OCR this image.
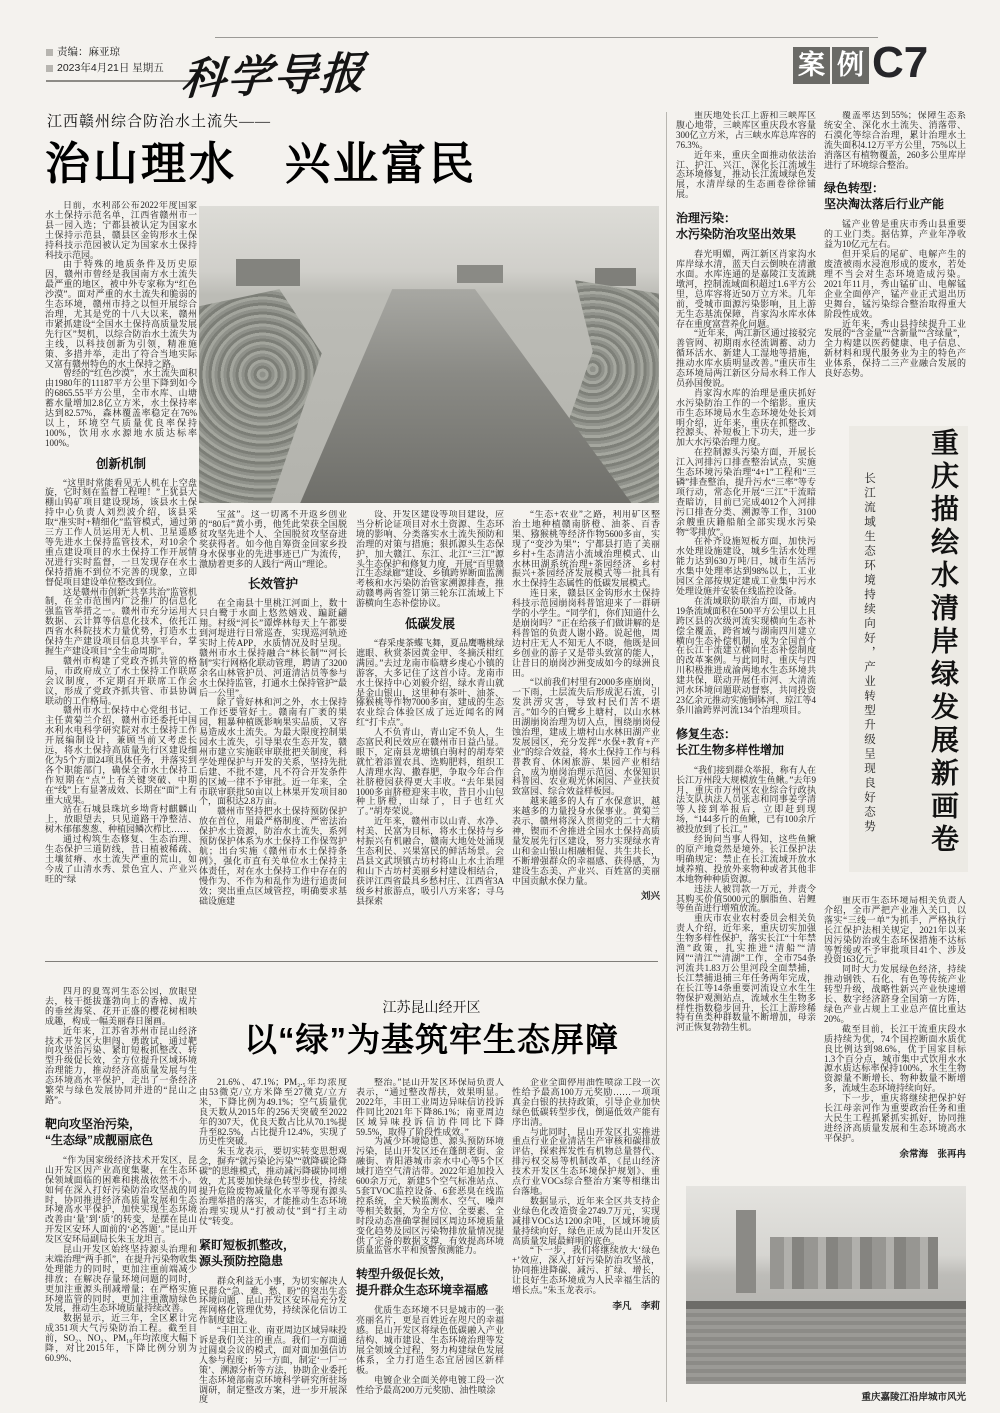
责编：麻亚琼
2023年4月21日 星期五 科学导报	案 例 C7
江西赣州综合防治水土流失——
治山理水　兴业富民

日前，水利部公布2022年度国家水土保持示范名单，江西省赣州市一县一园入选；宁都县被认定为国家水土保持示范县，赣县区金钩形水土保持科技示范园被认定为国家水土保持科技示范园。

由于特殊的地质条件及历史原因，赣州市曾经是我国南方水土流失最严重的地区，被中外专家称为“红色沙漠”。面对严重的水土流失和脆弱的生态环境，赣州市持之以恒开展综合治理，尤其是党的十八大以来，赣州市紧抓建设“全国水土保持高质量发展先行区”契机，以综合防治水土流失为主线，以科技创新为引领，精准施策、多措并举，走出了符合当地实际又富有赣州特色的水土保持之路。

曾经的“红色沙漠”，水土流失面积由1980年的11187平方公里下降到如今的6865.55平方公里，全市水库、山塘蓄水量增加2.8亿立方米，水土保持率达到82.57%，森林覆盖率稳定在76%以上，环境空气质量优良率保持100%，饮用水水源地水质达标率100%。

创新机制

“这里时常能看见无人机在上空盘旋，它时刻在监督工程哩！”上犹县大棚山钨矿项目建设现场，该县水土保持中心负责人刘烈波介绍，该县采取“准实时+精细化”监管模式，通过第三方工作人员运用无人机、卫星遥感等先进水土保持监管技术，对10余个重点建设项目的水土保持工作开展情况进行实时监督，一旦发现存在水土保持措施不到位不完善的现象，立即督促项目建设单位整改到位。

这是赣州市创新“共享共治”监管机制，在全市范围内广泛推广的信息化强监管举措之一。赣州市充分运用大数据、云计算等信息化技术，依托江西省水科院技术力量优势，打造水土保持生产建设项目信息共享平台，掌握生产建设项目“全生命周期”。

赣州市构建了党政齐抓共管的格局，市政府成立了水土保持工作联席会议制度，不定期召开联席工作会议，形成了党政齐抓共管、市县协调联动的工作格局。

赣州市水土保持中心党组书记、主任黄菊兰介绍，赣州市还委托中国水利水电科学研究院对水土保持工作开展编制设计，兼顾当前又考虑长远，将水土保持高质量先行区建设细化为5个方面24项具体任务，并落实到各个职能部门，确保全市水土保持工作短期在“点”上有关键突破、中期在“线”上有显著成效、长期在“面”上有重大成果。

站在石城县珠坑乡坳背村麒麟山上，放眼望去，只见道路干净整洁、树木郁郁葱葱、种植园鳞次栉比……

通过构筑生态修复、生态治理、生态保护三道防线，昔日植被稀疏、土壤贫瘠、水土流失严重的荒山，如今成了山清水秀、景色宜人、产业兴旺的“绿

宝盆”。这一切离不开返乡创业的“80后”黄小勇，他凭此荣获全国脱贫攻坚先进个人、全国脱贫攻坚奋进奖获得者。如今他自筹资金回家乡投身水保事业的先进事迹已广为流传，激励着更多的人践行“两山”理论。

长效管护

在全南县十里桃江河面上，数十只白鹭于水面上悠然嬉戏、蹁跹翩翔。村级“河长”谭烨林每天上午都要到河堤进行日常巡查，实现巡河轨迹实时上传APP，水质情况及时呈现。赣州市水土保持融合“林长制”“河长制”实行网格化联动管理，聘请了3200余名山林管护员、河道清洁员等参与水土保持监管，打通水土保持管护“最后一公里”。

除了管好林和河之外，水土保持工作还要管好土。赣南有广袤的果园，粗暴种植既影响果实品质，又容易造成水土流失。为最大限度控制果园水土流失，引导果农生态开发，赣州市建立实施联审联批把关制度，科学处理保护与开发的关系，坚持先批后建、不批不建，凡不符合开发条件的区域一律不予审批。近一年来，全市联审联批50亩以上林果开发项目80个，面积达2.8万亩。

赣州市坚持把水土保持预防保护放在首位，用最严格制度、严密法治保护水土资源，防治水土流失，系列预防保护体系为水土保持工作保驾护航；出台实施《赣州市水土保持条例》，强化市直有关单位水土保持主体责任，对在水土保持工作中存在的慢作为、不作为和乱作为进行追责问效；突出重点区域管控，明确要求基础设施建

设、开发区建设等项目建设，应当分析论证项目对水土资源、生态环境的影响、分类落实水土流失预防和治理的对策与措施；狠抓源头生态保护，加大赣江、东江、北江“三江”源头生态保护和修复力度，开展“百里赣江生态绿廊”建设、乡镇跨界断面监测考核和水污染防治管家溯源排查，推动赣粤两省签订第三轮东江流域上下游横向生态补偿协议。

低碳发展

“春采虔茶蝶飞舞，夏品鹰嘴桃绿遮眼、秋赏茶园黄金甲、冬摘沃柑红满园。”去过龙南市临塘乡虔心小镇的游客，大多记住了这首小诗。龙南市水土保持中心刘毅介绍，绿水青山就是金山银山，这里种有茶叶、油茶、猕猴桃等作物7000多亩，建成的生态农业综合体验区成了远近闻名的网红“打卡点”。

人不负青山，青山定不负人，生态富民利民效应在赣州市日益凸显。眼下，定南县龙塘镇白驹村的胡寿荣就忙着添置农具、选购肥料，组织工人清理水沟、撒春肥，争取今年合作社脐橙园获得更大丰收。“去年果园1000多亩脐橙迎来丰收，昔日小山包种上脐橙，山绿了，日子也红火了。”胡寿荣说。

近年来，赣州市以山青、水净、村美、民富为目标，将水土保持与乡村振兴有机融合，赣南大地处处涌现生态利民、兴果富民的鲜活场景。会昌县文武坝镇古坊村将山上水土治理和山下古坊村美丽乡村建设相结合，获评江西省最具乡愁村庄、江西省3A级乡村旅游点，吸引八方来客；寻乌县探索

“生态+农业”之路，利用矿区整治土地种植赣南脐橙、油茶、百香果、猕猴桃等经济作物5600多亩，实现了“变沙为果”；宁都县打造了美丽乡村+生态清洁小流域治理模式、山水林田湖系统治理+茶园经济、乡村振兴+茶园经济发展模式等一批具有水土保持生态属性的低碳发展模式。

连日来，赣县区金钩形水土保持科技示范园崩岗科普馆迎来了一群研学的小学生。“同学们，你们知道什么是崩岗吗？”正在给孩子们做讲解的是科普馆的负责人谢小路。说起他，周边村庄无人不知无人不晓，他既是回乡创业的游子又是带头致富的能人，让昔日的崩岗沙洲变成如今的绿洲良田。

“以前我们村里有2000多座崩岗，一下雨，土层流失后形成泥石流，引发洪涝灾害，导致村民们苦不堪言。”如今的白鹭乡上塘村，以山水林田湖崩岗治理为切入点，围绕崩岗侵蚀治理，建成上塘村山水林田湖产业发展园区，充分发挥“水保+教育+产业”的综合效益，将水土保持工作与科普教育、休闲旅游、果园产业相结合，成为崩岗治理示范园、水保知识科普园、农业观光休闲园、产业扶贫致富园、综合效益样板园。

越来越多的人有了水保意识，越来越多的力量投身水保事业。黄菊兰表示，赣州将深入贯彻党的二十大精神，锲而不舍推进全国水土保持高质量发展先行区建设，努力实现绿水青山和金山银山相融相促、共生共长，不断增强群众的幸福感、获得感，为建设生态美、产业兴、百姓富的美丽中国贡献水保力量。

刘兴

重庆地处长江上游和三峡库区腹心地带，三峡库区重庆段水容量300亿立方米，占三峡水库总库容的76.3%。

近年来，重庆全面推动依法治江、护江、兴江，深化长江流域生态环境修复，推动长江流域绿色发展，水清岸绿的生态画卷徐徐铺展。

治理污染：

水污染防治攻坚出效果

春光明媚，两江新区肖家沟水库岸绿水清，蓝天白云倒映在清澈水面。水库连通的是嘉陵江支流跳墩河，控制流域面积超过1.6平方公里，总库容将近50万立方米。几年前，受城市面源污染影响，且上游无生态基流保障，肖家沟水库水体存在重度富营养化问题。

“近年来，两江新区通过接驳完善管网、初期雨水径流调蓄、动力循环活水、新建人工湿地等措施，推动水库水质明显改善。”重庆市生态环境局两江新区分局水科工作人员孙国俊说。

肖家沟水库的治理是重庆抓好水污染防治工作的一个缩影。重庆市生态环境局水生态环境处处长刘明介绍，近年来，重庆在抓整改、控源头、补短板上下功夫，进一步加大水污染治理力度。

在控制源头污染方面，开展长江入河排污口排查整治试点，实施生态环境污染治理“4+1”工程和“三磷”排查整治，提升污水“三率”等专项行动，常态化开展“三江”干流暗查暗访，目前已完成4012个入河排污口排查分类、溯源等工作，3100余艘重庆籍船舶全部实现水污染物“零排放”。

在补齐设施短板方面，加快污水处理设施建设，城乡生活水处理能力达到630万吨/日，城市生活污水集中处理率达到98%以上，工业园区全部按规定建成工业集中污水处理设施并安装在线监控设备。

在流域联防联治方面，市域内19条流域面积在500平方公里以上且跨区县的次级河流实现横向生态补偿全覆盖，跨省域与湖南四川建立横向生态补偿机制，成为全国首个在长江干流建立横向生态补偿制度的改革案例。与此同时，重庆与四川积极推进成渝两地水生态环境共建共保，联动开展任市河、大清流河水环境问题联动督察，共同投资23亿余元推动实施铜钵河、琼江等4条川渝跨界河流134个治理项目。

修复生态：

长江生物多样性增加

“我们接到群众举报，称有人在长江万州段大规模放生鱼鳅。”去年9月，重庆市万州区农业综合行政执法支队执法人员张志和同事姜学清等人接到举报后，立即赶到现场，“144多斤的鱼鳅，已有100余斤被投放到了长江。”

经询问当事人得知，这些鱼鳅的原产地竟然是境外。长江保护法明确规定：禁止在长江流域开放水域养殖、投放外来物种或者其他非本地物种种质资源。

违法人被罚款一万元，并责令其购买价值5000元的胭脂鱼、岩鲤等鱼苗进行增殖放流。

重庆市农业农村委员会相关负责人介绍，近年来，重庆切实加强生物多样性保护，落实长江“十年禁渔”政策，扎实推进“清船”“清网”“清江”“清湖”工作，全市754条河流共1.83万公里河段全面禁捕，长江禁捕退捕三年任务两年完成，在长江等14条重要河流设立水生生物保护观测站点，流域水生生物多样性指数稳步回升，长江上游珍稀特有鱼类种群数量不断增加，母亲河正恢复勃勃生机。

覆盖率达到55%；保障生态系统安全、深化水土流失、消落带、石漠化等综合治理，累计治理水土流失面积4.12万平方公里，75%以上消落区有植物覆盖，260多公里库岸进行了环境综合整治。

绿色转型：

坚决淘汰落后行业产能

锰产业曾是重庆市秀山县重要的工业门类。据估算，产业年净收益为10亿元左右。

但开采后的尾矿、电解产生的废渣被雨水浸泡形成的废水，若处理不当会对生态环境造成污染。2021年11月，秀山锰矿山、电解锰企业全面停产，锰产业正式退出历史舞台，锰污染综合整治取得重大阶段性成效。

近年来，秀山县持续提升工业发展的“含金量”“含新量”“含绿量”，全力构建以医药健康、电子信息、新材料和现代服务业为主的特色产业体系，保持二三产业融合发展的良好态势。

重庆描绘水清岸绿发展新画卷
长江流域生态环境持续向好，产业转型升级呈现良好态势

重庆市生态环境局相关负责人介绍，全市严把产业准入关口，以落实“三线一单”为抓手，严格执行长江保护法相关规定，2021年以来因污染防治或生态环保措施不达标等暂缓或不予审批项目41个、涉及投资163亿元。

同时大力发展绿色经济，持续推动钢铁、石化、有色等传统产业转型升级，战略性新兴产业快速增长、数字经济跻身全国第一方阵，绿色产业占规上工业总产值比重达20%。

截至目前，长江干流重庆段水质持续为优，74个国控断面水质优良比例达到98.6%，优于国家目标1.3个百分点，城市集中式饮用水水源水质达标率保持100%，水生生物资源量不断增长、物种数量不断增多，流域生态环境持续向好。

下一步，重庆将继续把保护好长江母亲河作为重要政治任务和重大民生工程抓紧抓实抓好，协同推进经济高质量发展和生态环境高水平保护。

余常海　张再冉
重庆嘉陵江沿岸城市风光
江苏昆山经开区
以“绿”为基筑牢生态屏障

四月的夏驾河生态公园，放眼望去，枝干挺拔蓬勃向上的香樟、成片的垂丝海棠、花开正盛的樱花树相映成趣，构成一幅美丽春日图画。

近年来，江苏省苏州市昆山经济技术开发区大胆闯、勇敢试，通过靶向攻坚治污染、紧盯短板抓整改、转型升级促长效，全方位提升区域环境治理能力，推动经济高质量发展与生态环境高水平保护，走出了一条经济繁荣与绿色发展协同并进的“昆山之路”。

靶向攻坚治污染，

“生态绿”成靓丽底色

“作为国家级经济技术开发区，昆山开发区因产业高度集聚，在生态环保领域面临的困难和挑战依然不小。如何在深入打好污染防治攻坚战的同时，协同推进经济高质量发展和生态环境高水平保护，加快实现生态环境改善由‘量’到‘质’的转变，是摆在昆山开发区安环人面前的‘必答题’。”昆山开发区安环局副局长朱玉龙坦言。

昆山开发区始终坚持源头治理和末端治理“两手抓”，在提升污染物收集处理能力的同时，更加注重前端减少排放；在解决存量环境问题的同时，更加注重源头削减增量；在严格实施环境监管的同时，更加注重激励绿色发展，推动生态环境质量持续改善。

数据显示，近三年，全区累计完成351项大气污染防治工程。截至目前，SO₂、NO₂、PM₁₀年均浓度大幅下降，对比2015年，下降比例分别为60.9%、

21.6%、47.1%；PM₂.₅年均浓度由53微克/立方米降至27微克/立方米，下降比例为49.1%；空气质量优良天数从2015年的256天突破至2022年的307天，优良天数占比从70.1%提升至82.5%，占比提升12.4%，实现了历史性突破。

朱玉龙表示，要切实转变思想观念，摒弃“就污染论污染”“就降碳论降碳”的思维模式，推动减污降碳协同增效，尤其要加快绿色转型步伐，持续提升危险废物减量化水平等现有源头治理举措的落实，才能推动生态环境治理实现从“打被动仗”到“打主动仗”转变。

紧盯短板抓整改，

源头预防控隐患

群众利益无小事，为切实解决人民群众“急、难、愁、盼”的突出生态环境问题，昆山开发区安环局充分发挥网格化管理优势，持续深化信访工作制度建设。

“丰田工业、南亚周边区域异味投诉是我们关注的重点。我们一方面通过圆桌会议的模式，面对面加强信访人参与程度；另一方面，制定‘一厂一策’、溯源分析等方法，协助企业委托生态环境部南京环境科学研究所驻场调研，制定整改方案，进一步开展深度

整治。”昆山开发区环保局负责人表示，“通过整改帮扶，效果明显。2022年，丰田工业周边异味信访投诉件同比2021年下降86.1%；南亚周边区域异味投诉信访件同比下降59.5%，取得了阶段性成效。”

为减少环境隐患、源头预防环境污染，昆山开发区还在蓬朗老街、金融街、青阳港城市亲水中心等5个区域打造空气清洁带。2022年追加投入600余万元，新建5个空气标准站点、5套TVOC监控设备、6套恶臭在线监控系统，全天候监测水、空气、噪声等相关数据，为全方位、全要素、全时段动态准确掌握园区周边环境质量变化趋势及园区污染物排放量情况提供了完备的数据支撑，有效提高环境质量监管水平和预警预测能力。

转型升级促长效，

提升群众生态环境幸福感

优质生态环境不只是城市的一张亮丽名片，更是百姓近在咫尺的幸福感。昆山开发区将绿色低碳融入产业结构、城市建设、生态环境治理等发展全领域全过程，努力构建绿色发展体系，全力打造生态宜居园区新样板。

电镀企业全面关停电镀工段一次性给予最高200万元奖励、油性喷涂

企业全面停用油性喷涂工段一次性给予最高100万元奖励……一项项真金白银的扶持政策，引导企业加快绿色低碳转型步伐，倒逼低效产能有序出清。

与此同时，昆山开发区扎实推进重点行业企业清洁生产审核和碳排放评估，探索挥发性有机物总量替代、排污权交易等机制改革，《昆山经济技术开发区生态环境保护规划》、重点行业VOCs综合整治方案等相继出台落地。

数据显示，近年来全区共支持企业绿色化改造资金2749.7万元，实现减排VOCs达1200余吨，区域环境质量持续向好，绿色正成为昆山开发区高质量发展最鲜明的底色。

“下一步，我们将继续放大‘绿色+’效应，深入打好污染防治攻坚战，协同推进降碳、减污、扩绿、增长，让良好生态环境成为人民幸福生活的增长点。”朱玉龙表示。

李凡　李莉
